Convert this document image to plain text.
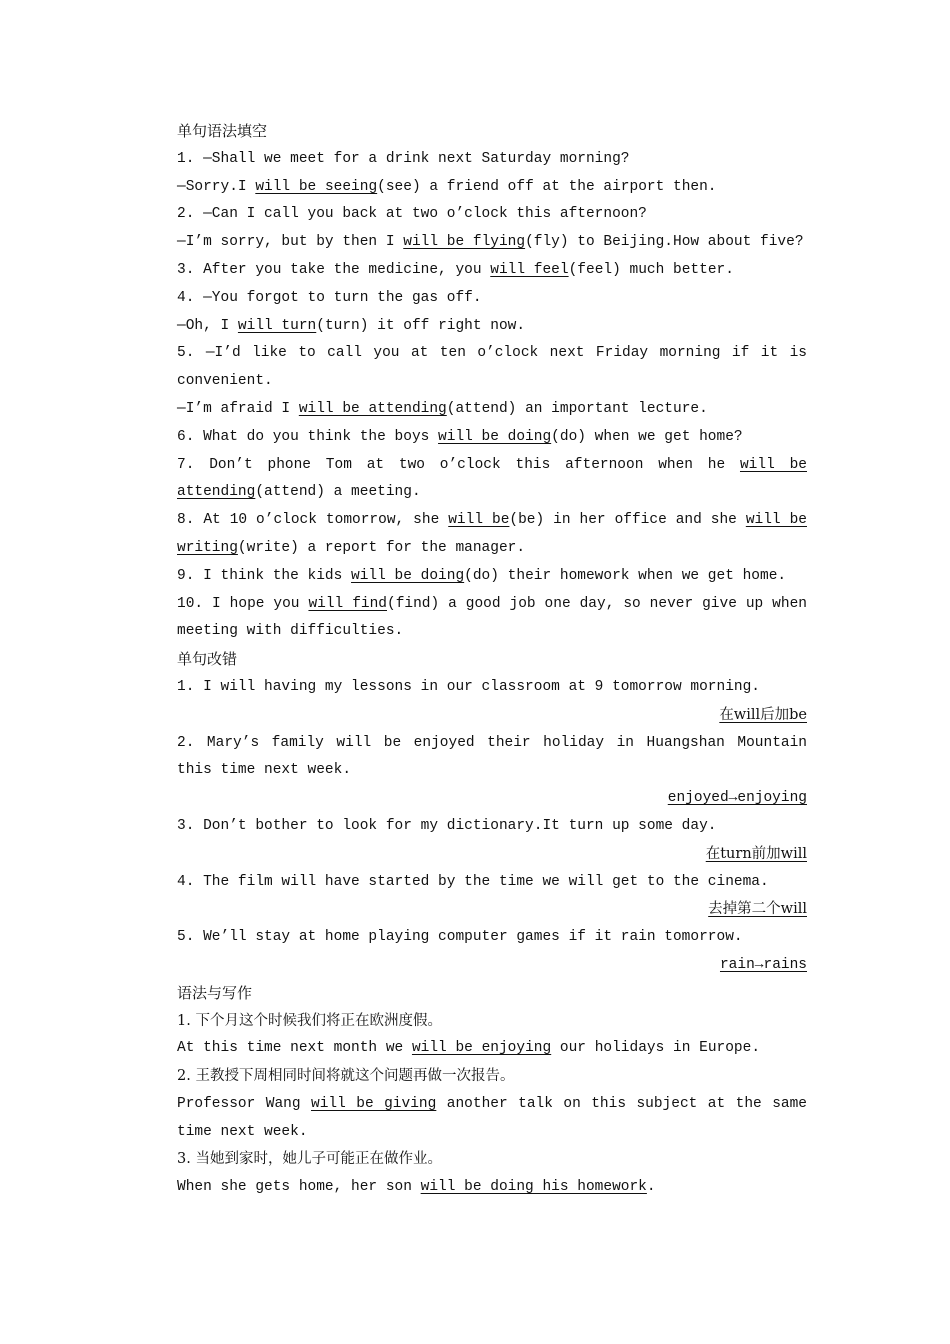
单句语法填空
1. —Shall we meet for a drink next Saturday morning?
—Sorry.I will be seeing(see) a friend off at the airport then.
2. —Can I call you back at two o’clock this afternoon?
—I’m sorry, but by then I will be flying(fly) to Beijing.How about five?
3. After you take the medicine, you will feel(feel) much better.
4. —You forgot to turn the gas off.
—Oh, I will turn(turn) it off right now.
5. —I’d like to call you at ten o’clock next Friday morning if it is convenient.
—I’m afraid I will be attending(attend) an important lecture.
6. What do you think the boys will be doing(do) when we get home?
7. Don’t phone Tom at two o’clock this afternoon when he will be attending(attend) a meeting.
8. At 10 o’clock tomorrow, she will be(be) in her office and she will be writing(write) a report for the manager.
9. I think the kids will be doing(do) their homework when we get home.
10. I hope you will find(find) a good job one day, so never give up when meeting with difficulties.
单句改错
1. I will having my lessons in our classroom at 9 tomorrow morning.
在will后加be
2. Mary’s family will be enjoyed their holiday in Huangshan Mountain this time next week.
enjoyed→enjoying
3. Don’t bother to look for my dictionary.It turn up some day.
在turn前加will
4. The film will have started by the time we will get to the cinema.
去掉第二个will
5. We’ll stay at home playing computer games if it rain tomorrow.
rain→rains
语法与写作
1. 下个月这个时候我们将正在欧洲度假。
At this time next month we will be enjoying our holidays in Europe.
2. 王教授下周相同时间将就这个问题再做一次报告。
Professor Wang will be giving another talk on this subject at the same time next week.
3. 当她到家时，她儿子可能正在做作业。
When she gets home, her son will be doing his homework.
